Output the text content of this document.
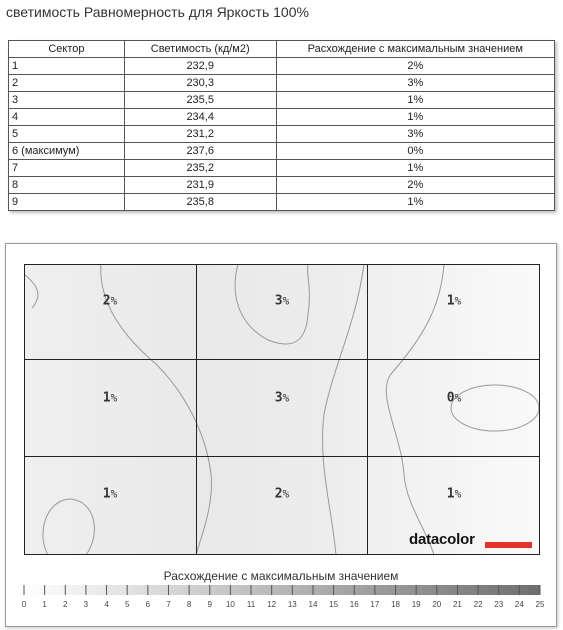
светимость Равномерность для Яркость 100%
Сектор	Светимость (кд/м2)	Расхождение с максимальным значением
1	232,9	2%
2	230,3	3%
3	235,5	1%
4	234,4	1%
5	231,2	3%
6 (максимум)	237,6	0%
7	235,2	1%
8	231,9	2%
9	235,8	1%
2%	3%	1%
1%	3%	0%
1%	2%	1%
datacolor
Расхождение с максимальным значением
0 1 2 3 4 5 6 7 8 9 10 11 12 13 14 15 16 17 18 19 20 21 22 23 24 25
